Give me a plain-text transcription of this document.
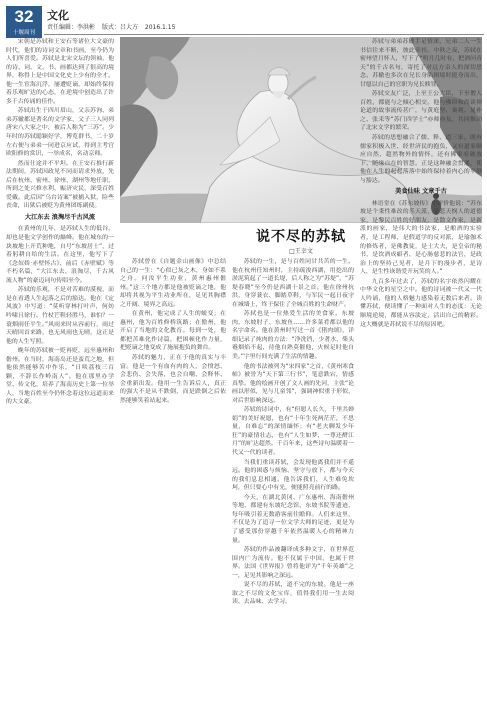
32
十堰周刊
文化
责任编辑：李洪彬 版式：吕大方 2016.1.15

宋朝是苏轼和王安石等诸位大文豪的时代，他们的诗词文章和书画，至今仍为人们所喜爱。苏轼是北宋文坛的领袖，他的诗、词、文、书、画都达到了很高的境界，称得上是中国文化史上少有的全才。他一生宦海沉浮，屡遭贬谪，却始终保持着乐观旷达的心态，在逆境中创造出了许多千古传诵的佳作。

苏轼出生于四川眉山，父亲苏洵、弟弟苏辙都是著名的文学家，父子三人同列唐宋八大家之中，被后人称为“三苏”。少年时的苏轼聪颖好学，博览群书，二十岁左右便与弟弟一同进京应试，得到主考官欧阳修的赏识，一举成名，名动京师。

然而仕途并不平坦。在王安石推行新法期间，苏轼因政见不同而请求外放，先后在杭州、密州、徐州、湖州等地任职，所到之处兴修水利、赈济灾民，深受百姓爱戴。此后因“乌台诗案”被捕入狱，险些丧命，出狱后被贬为黄州团练副使。

大江东去 浪淘尽千古风流

在黄州的几年，是苏轼人生的低谷，却也是他文学创作的巅峰。他在城东的一块坡地上开荒种地，自号“东坡居士”，过着躬耕自给的生活。在这里，他写下了《念奴娇·赤壁怀古》、前后《赤壁赋》等不朽名篇，“大江东去，浪淘尽，千古风流人物”的豪迈词句传唱至今。

苏轼的乐观，不是对苦难的漠视，而是在看透人生起落之后的豁达。他在《定风波》中写道：“莫听穿林打叶声，何妨吟啸且徐行。竹杖芒鞋轻胜马，谁怕？一蓑烟雨任平生。”风雨来时从容前行，雨过天晴回首来路，也无风雨也无晴，这正是他的人生写照。

晚年的苏轼被一贬再贬，远至惠州和儋州。在当时，海南岛还是蛮荒之地，但他依然能够苦中作乐，“日啖荔枝三百颗，不辞长作岭南人”。他在那里办学堂、传文化，培养了海南历史上第一位举人，当地百姓至今仍怀念着这位远道而来的大文豪。

说不尽的苏轼
□王幸文

苏轼的一生，是与百姓同甘共苦的一生。他在杭州任知州时，主持疏浚西湖，用挖出的淤泥筑起了一道长堤，后人称之为“苏堤”，“苏堤春晓”至今仍是西湖十景之首。他在徐州抗洪，身穿蓑衣、脚踏草鞋，与军民一起日夜守在城墙上，终于保住了全城百姓的生命财产。

苏轼也是一位热爱生活的美食家。东坡肉、东坡肘子、东坡鱼……许多菜肴都以他的名字命名。他在黄州时写过一首《猪肉颂》，详细记录了炖肉的方法：“净洗铛，少著水，柴头罨烟焰不起，待他自熟莫催他，火候足时他自美。”字里行间充满了生活的情趣。

他的书法被列为“宋四家”之首，《黄州寒食帖》被誉为“天下第三行书”，笔意跌宕，情感真挚。他的绘画开创了文人画的先河，主张“论画以形似，见与儿童邻”，强调神似重于形似，对后世影响深远。

苏轼的诗词中，有“但愿人长久，千里共婵娟”的美好祝愿，也有“十年生死两茫茫，不思量，自难忘”的深情缅怀；有“老夫聊发少年狂”的豪情壮志，也有“人生如梦，一尊还酹江月”的旷达超然。千百年来，这些诗句温暖着一代又一代的读者。

当我们重读苏轼，会发现他离我们并不遥远。他的困惑与烦恼、坚守与放下，都与今天的我们息息相通。他告诉我们，人生难免坎坷，但只要心中有光，便能照亮前行的路。

今天，在湖北黄冈、广东惠州、海南儋州等地，都建有东坡纪念馆、东坡书院等遗迹，每年吸引着无数游客前往瞻仰。人们来这里，不仅是为了追寻一位文学大师的足迹，更是为了感受那份穿越千年依然温暖人心的精神力量。

苏轼的作品被翻译成多种文字，在世界范围内广为流传。他不仅属于中国，也属于世界。法国《世界报》曾将他评为“千年英雄”之一，足见其影响之深远。

说不尽的苏轼，道不完的东坡。他是一座取之不尽的文化宝库，值得我们用一生去阅读、去品味、去学习。

苏轼与弟弟苏辙手足情深，兄弟二人一生书信往来不断，彼此牵挂。中秋之夜，苏轼在密州望月怀人，写下了“明月几时有，把酒问青天”的千古名句，寄托了对远方亲人的深切思念。苏辙也多次在兄长身陷困境时挺身而出，甘愿以自己的官职为兄长赎罪。

苏轼交友广泛，上至王公大臣，下至僧人百姓，都能与之倾心相交。他与佛印和尚谈禅论道的故事流传甚广，与黄庭坚、秦观、晁补之、张耒等“苏门四学士”亦师亦友，共同推动了北宋文学的繁荣。

苏轼的思想融合了儒、释、道三家，既有儒家积极入世、经世济民的抱负，又有道家顺应自然、超然物外的情怀，还有佛家看破放下、随缘自在的智慧。正是这种融会贯通，使他在人生的起起落落中始终保持着内心的平静与豁达。

美食仙味 文章千古

林语堂在《苏东坡传》中评价他说：“苏东坡是个秉性难改的乐天派，是悲天悯人的道德家，是黎民百姓的好朋友，是散文作家，是新派的画家，是伟大的书法家，是酿酒的实验者，是工程师，是假道学的反对派，是瑜伽术的修炼者，是佛教徒，是士大夫，是皇帝的秘书，是饮酒成癖者，是心肠慈悲的法官，是政治上的坚持己见者，是月下的漫步者，是诗人，是生性诙谐爱开玩笑的人。”

九百多年过去了，苏轼的名字依然闪耀在中华文化的星空之中。他的诗词被一代又一代人吟诵，他的人格魅力感染着无数后来者。读懂苏轼，便读懂了一种面对人生的态度：无论顺境逆境，都能从容淡定，活出自己的精彩。这大概就是苏轼说不尽的原因吧。

苏轼曾在《自题金山画像》中总结自己的一生：“心似已灰之木，身如不系之舟。问汝平生功业，黄州惠州儋州。”这三个地方都是他被贬谪之地，他却将其视为平生功业所在，足见其胸襟之开阔、境界之高远。

在黄州，他完成了人生的蜕变；在惠州，他为百姓修桥筑路；在儋州，他开启了当地的文化教育。每到一处，他都把苦难化作诗篇，把困顿化作力量，把贬谪之地变成了施展抱负的舞台。

苏轼的魅力，正在于他的真实与丰富。他是一个有血有肉的人，会愤怒、会悲伤、会失落，也会自嘲、会释怀、会重新出发。他用一生告诉后人，真正的强大不是从不跌倒，而是跌倒之后依然能够笑着站起来。
